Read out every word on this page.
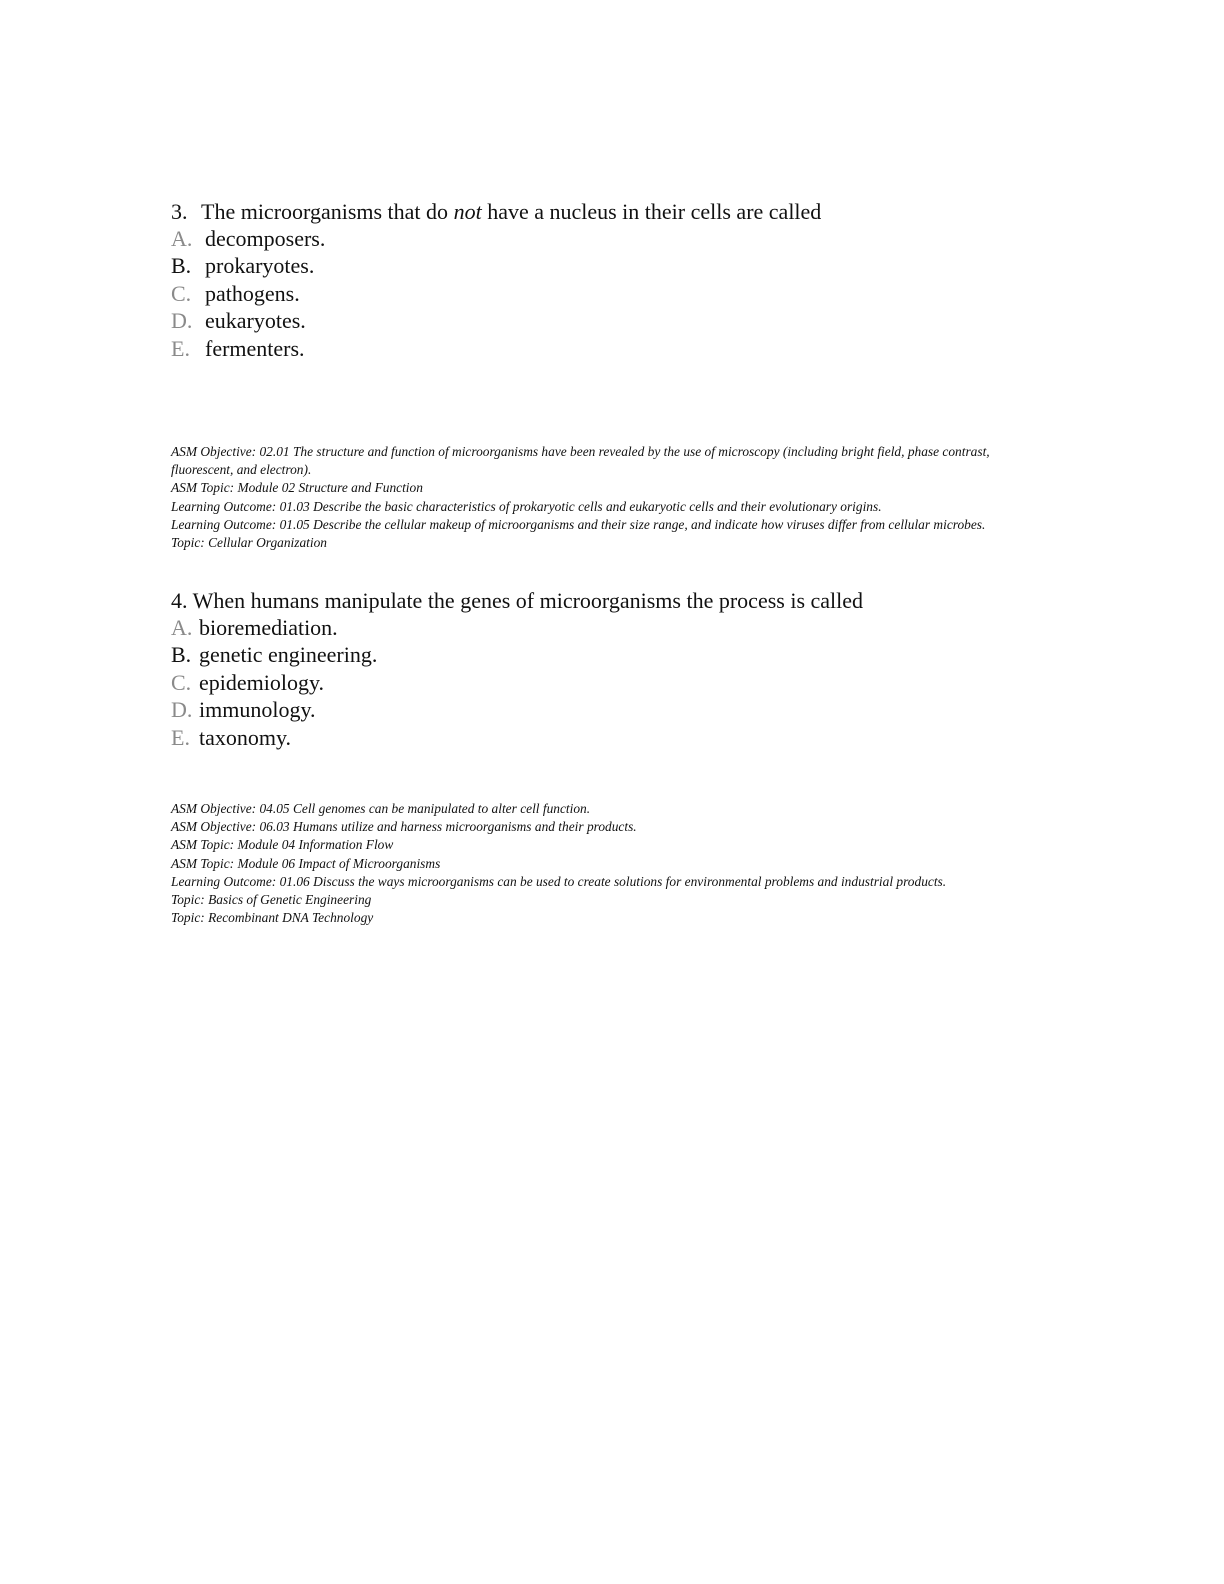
3. The microorganisms that do not have a nucleus in their cells are called
A. decomposers.
B. prokaryotes.
C. pathogens.
D. eukaryotes.
E. fermenters.
ASM Objective: 02.01 The structure and function of microorganisms have been revealed by the use of microscopy (including bright field, phase contrast, fluorescent, and electron).
ASM Topic: Module 02 Structure and Function
Learning Outcome: 01.03 Describe the basic characteristics of prokaryotic cells and eukaryotic cells and their evolutionary origins.
Learning Outcome: 01.05 Describe the cellular makeup of microorganisms and their size range, and indicate how viruses differ from cellular microbes.
Topic: Cellular Organization
4. When humans manipulate the genes of microorganisms the process is called
A. bioremediation.
B. genetic engineering.
C. epidemiology.
D. immunology.
E. taxonomy.
ASM Objective: 04.05 Cell genomes can be manipulated to alter cell function.
ASM Objective: 06.03 Humans utilize and harness microorganisms and their products.
ASM Topic: Module 04 Information Flow
ASM Topic: Module 06 Impact of Microorganisms
Learning Outcome: 01.06 Discuss the ways microorganisms can be used to create solutions for environmental problems and industrial products.
Topic: Basics of Genetic Engineering
Topic: Recombinant DNA Technology
